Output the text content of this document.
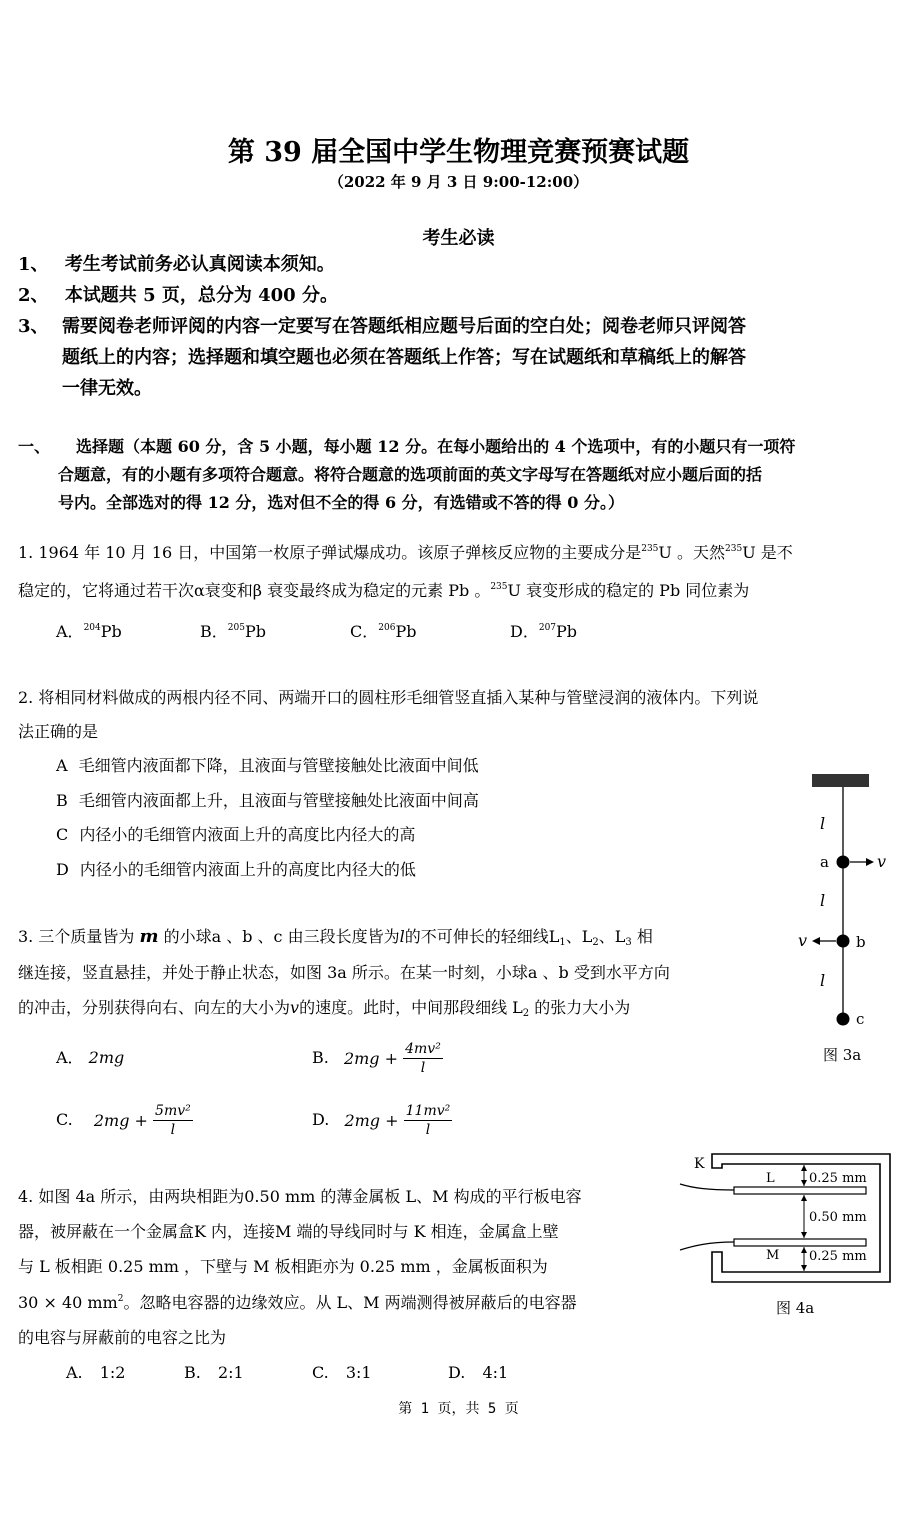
第 39 届全国中学生物理竞赛预赛试题
（2022 年 9 月 3 日 9:00-12:00）
考生必读
1、 考生考试前务必认真阅读本须知。
2、 本试题共 5 页，总分为 400 分。
3、 需要阅卷老师评阅的内容一定要写在答题纸相应题号后面的空白处；阅卷老师只评阅答
题纸上的内容；选择题和填空题也必须在答题纸上作答；写在试题纸和草稿纸上的解答
一律无效。
一、 选择题（本题 60 分，含 5 小题，每小题 12 分。在每小题给出的 4 个选项中，有的小题只有一项符
合题意，有的小题有多项符合题意。将符合题意的选项前面的英文字母写在答题纸对应小题后面的括
号内。全部选对的得 12 分，选对但不全的得 6 分，有选错或不答的得 0 分。）
1. 1964 年 10 月 16 日，中国第一枚原子弹试爆成功。该原子弹核反应物的主要成分是$^{235}$U 。天然$^{235}$U 是不
稳定的，它将通过若干次α衰变和β 衰变最终成为稳定的元素 Pb 。$^{235}$U 衰变形成的稳定的 Pb 同位素为
A．$^{204}$Pb	B．$^{205}$Pb	C．$^{206}$Pb	D．$^{207}$Pb
2. 将相同材料做成的两根内径不同、两端开口的圆柱形毛细管竖直插入某种与管壁浸润的液体内。下列说
法正确的是
A 毛细管内液面都下降，且液面与管壁接触处比液面中间低
B 毛细管内液面都上升，且液面与管壁接触处比液面中间高
C 内径小的毛细管内液面上升的高度比内径大的高
D 内径小的毛细管内液面上升的高度比内径大的低
l
a	v
l
b
v
l
c
图 3a
3. 三个质量皆为 m 的小球a 、b 、c 由三段长度皆为l的不可伸长的轻细线$L_1$、$L_2$、$L_3$ 相
继连接，竖直悬挂，并处于静止状态，如图 3a 所示。在某一时刻，小球a 、b 受到水平方向
的冲击，分别获得向右、向左的大小为v的速度。此时，中间那段细线 $L_2$ 的张力大小为
A． 2mg	B. $2mg + \frac{\text{4mv²}}{l}$
C. $2mg + \frac{\text{5mv²}}{l}$	D. $2mg + \frac{\text{11mv²}}{l}$
K
L
M
0.25 mm
0.50 mm
0.25 mm
图 4a
4. 如图 4a 所示，由两块相距为0.50 mm 的薄金属板 L、M 构成的平行板电容
器，被屏蔽在一个金属盒K 内，连接M 端的导线同时与 K 相连，金属盒上壁
与 L 板相距 0.25 mm ，下壁与 M 板相距亦为 0.25 mm ，金属板面积为
30 × 40 $mm^2$。忽略电容器的边缘效应。从 L、M 两端测得被屏蔽后的电容器
的电容与屏蔽前的电容之比为
A. 1:2	B. 2:1	C. 3:1	D. 4:1
第 1 页，共 5 页
